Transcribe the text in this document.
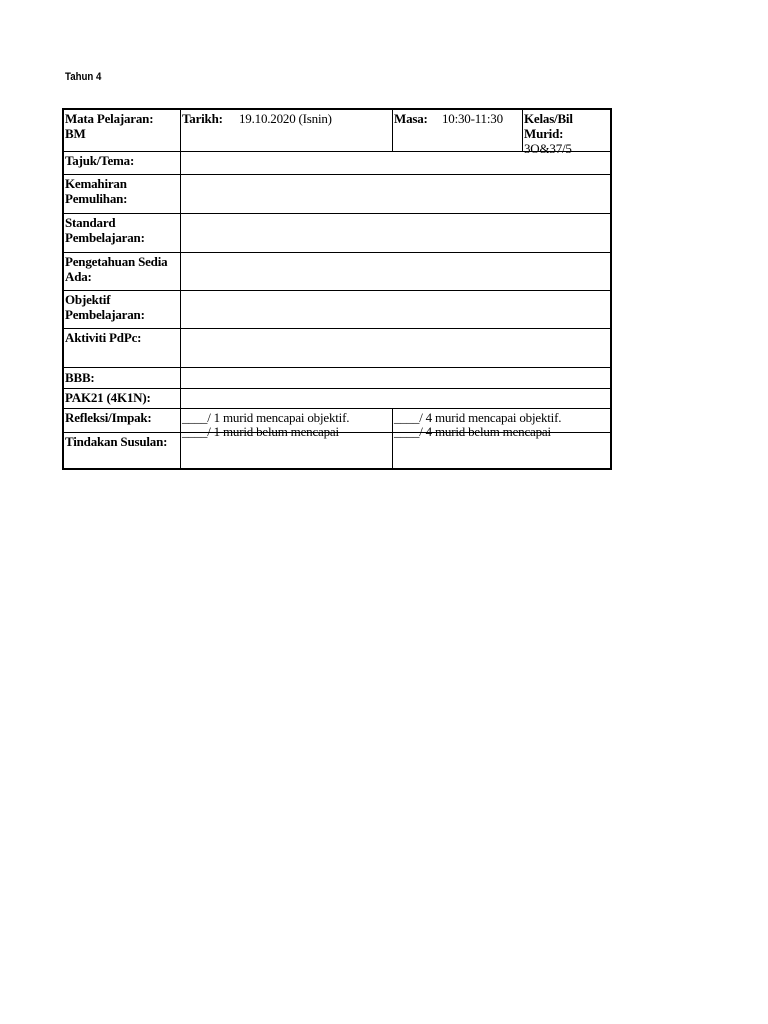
Tahun 4
Mata Pelajaran:
BM
Tarikh: 19.10.2020 (Isnin)	Masa: 10:30-11:30 Kelas/Bil
Murid:
3O&37/5
Tajuk/Tema:
Kemahiran
Pemulihan:
Standard
Pembelajaran:
Pengetahuan Sedia
Ada:
Objektif
Pembelajaran:
Aktiviti PdPc:
BBB:
PAK21 (4K1N):
Refleksi/Impak:
Tindakan Susulan:
____/ 1 murid mencapai objektif.
____/ 1 murid belum mencapai
____/ 4 murid mencapai objektif.
____/ 4 murid belum mencapai
